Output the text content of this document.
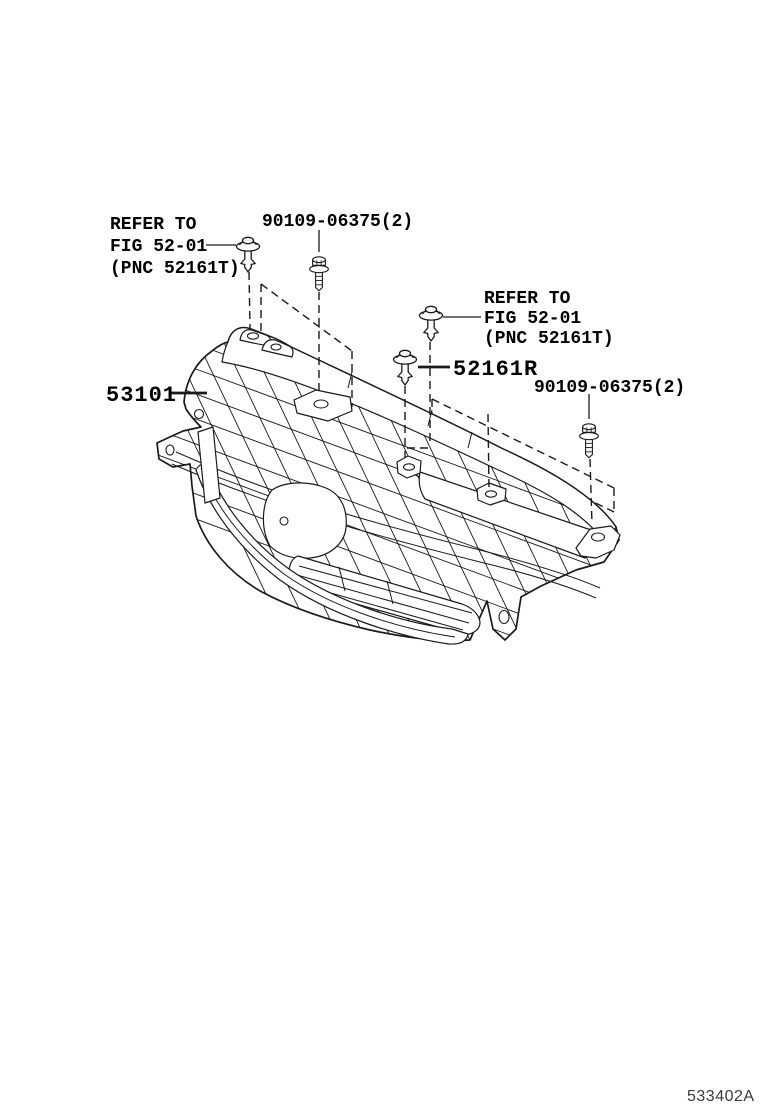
REFER TO
FIG 52-01
(PNC 52161T)
90109-06375(2)
REFER TO
FIG 52-01
(PNC 52161T)
52161R
90109-06375(2)
53101
533402A
